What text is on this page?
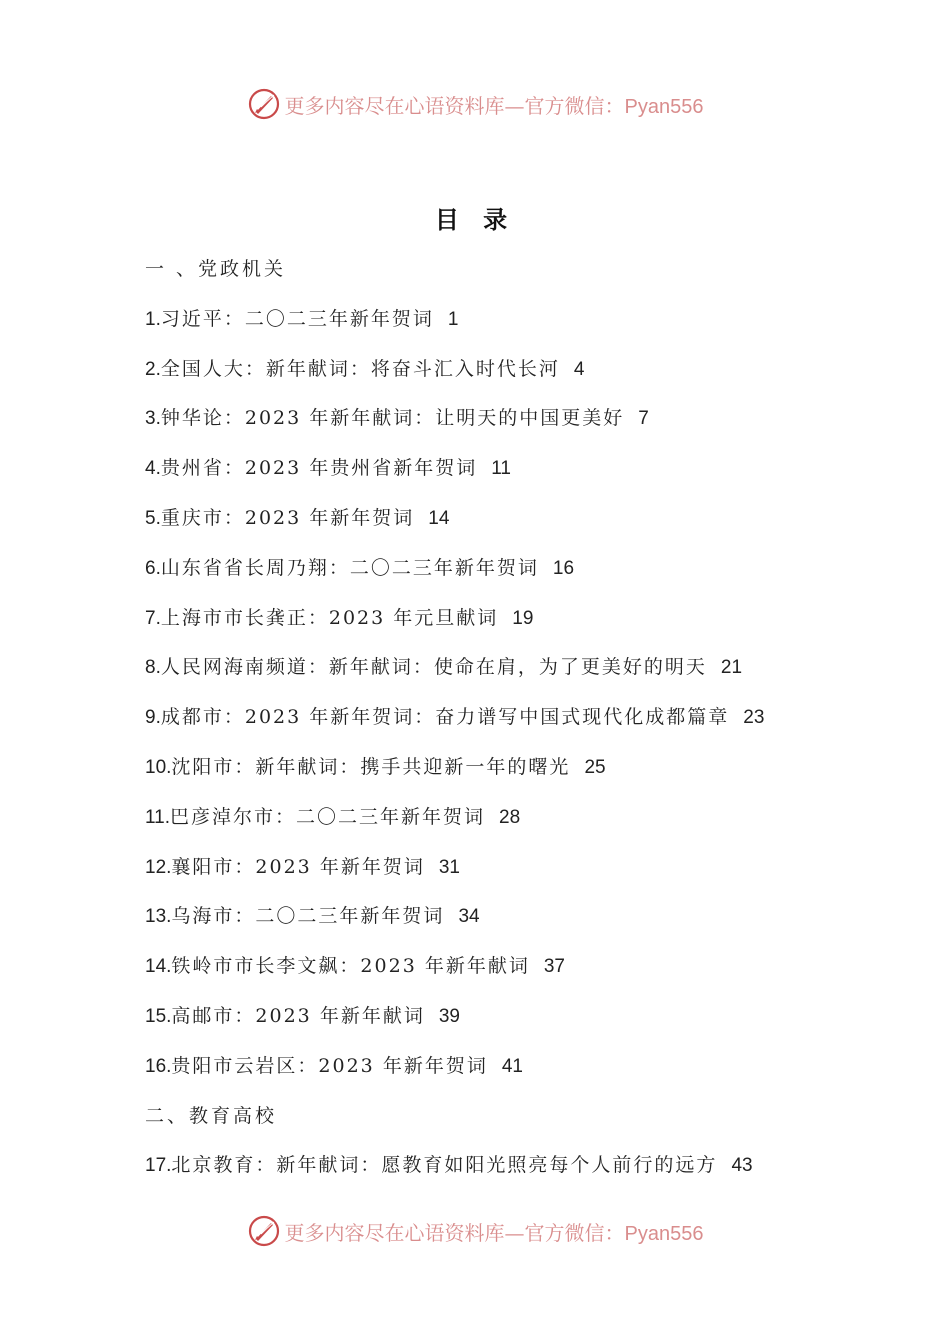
更多内容尽在心语资料库—官方微信：Pyan556
目 录
一 、党政机关
1.习近平：二〇二三年新年贺词 1
2.全国人大：新年献词：将奋斗汇入时代长河 4
3.钟华论：2023 年新年献词：让明天的中国更美好 7
4.贵州省：2023 年贵州省新年贺词 11
5.重庆市：2023 年新年贺词 14
6.山东省省长周乃翔：二〇二三年新年贺词 16
7.上海市市长龚正：2023 年元旦献词 19
8.人民网海南频道：新年献词：使命在肩，为了更美好的明天 21
9.成都市：2023 年新年贺词：奋力谱写中国式现代化成都篇章 23
10.沈阳市：新年献词：携手共迎新一年的曙光 25
11.巴彦淖尔市：二〇二三年新年贺词 28
12.襄阳市：2023 年新年贺词 31
13.乌海市：二〇二三年新年贺词 34
14.铁岭市市长李文飙：2023 年新年献词 37
15.高邮市：2023 年新年献词 39
16.贵阳市云岩区：2023 年新年贺词 41
二、教育高校
17.北京教育：新年献词：愿教育如阳光照亮每个人前行的远方 43
更多内容尽在心语资料库—官方微信：Pyan556
